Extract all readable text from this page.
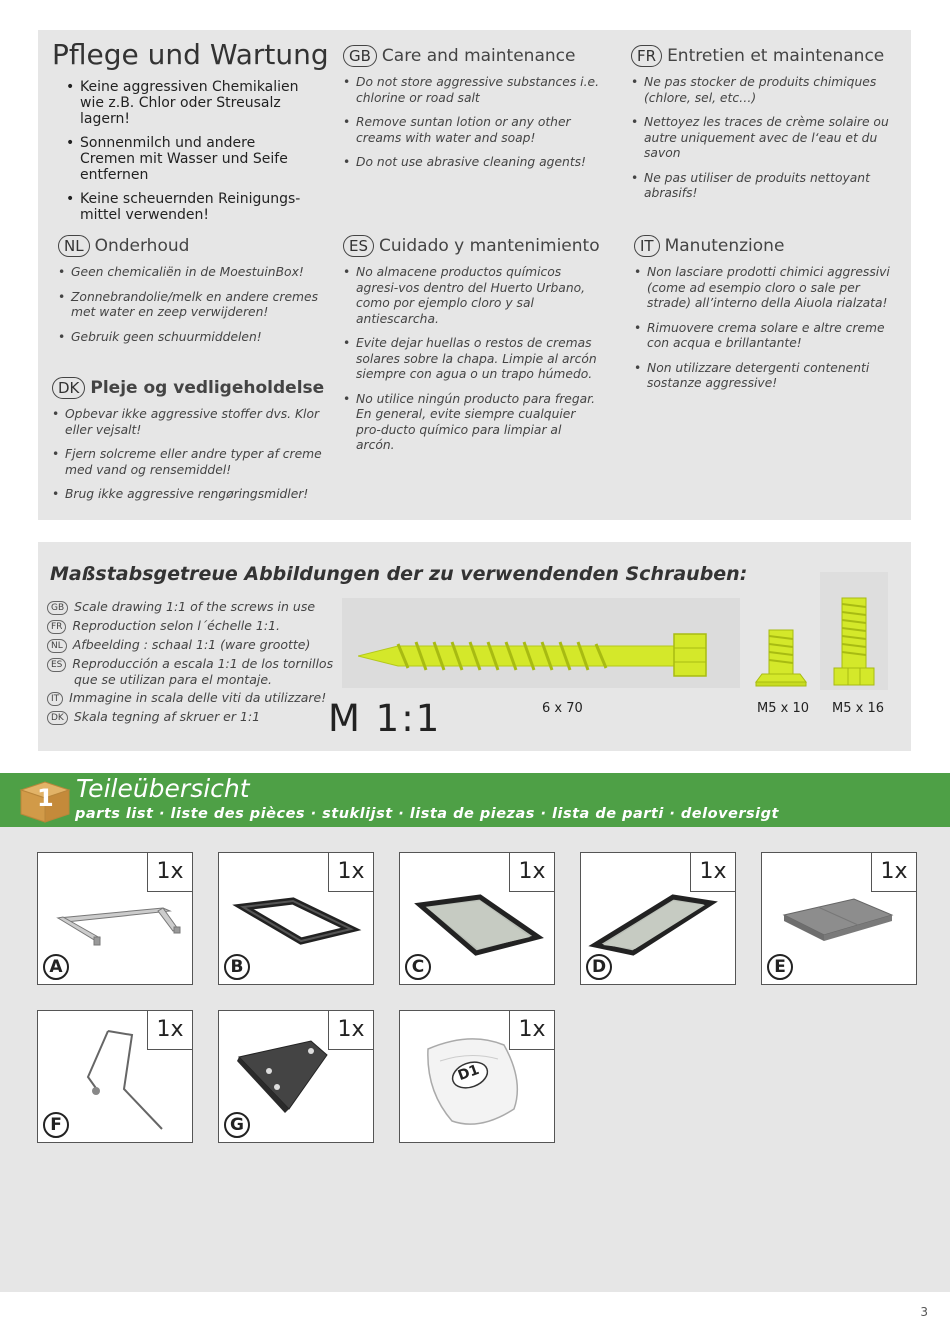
Pflege und Wartung
• Keine aggressiven Chemikalien wie z.B. Chlor oder Streusalz lagern!
• Sonnenmilch und andere Cremen mit Wasser und Seife entfernen
• Keine scheuernden Reinigungs-mittel verwenden!
GB Care and maintenance
• Do not store aggressive substances i.e. chlorine or road salt
• Remove suntan lotion or any other creams with water and soap!
• Do not use abrasive cleaning agents!
FR Entretien et maintenance
• Ne pas stocker de produits chimiques (chlore, sel, etc…)
• Nettoyez les traces de crème solaire ou autre uniquement avec de l‘eau et du savon
• Ne pas utiliser de produits nettoyant abrasifs!
NL Onderhoud
• Geen chemicaliën in de MoestuinBox!
• Zonnebrandolie/melk en andere cremes met water en zeep verwijderen!
• Gebruik geen schuurmiddelen!
ES Cuidado y mantenimiento
• No almacene productos químicos agresi-vos dentro del Huerto Urbano, como por ejemplo cloro y sal antiescarcha.
• Evite dejar huellas o restos de cremas solares sobre la chapa. Limpie al arcón siempre con agua o un trapo húmedo.
• No utilice ningún producto para fregar. En general, evite siempre cualquier pro-ducto químico para limpiar al arcón.
IT Manutenzione
• Non lasciare prodotti chimici aggressivi (come ad esempio cloro o sale per strade) all’interno della Aiuola rialzata!
• Rimuovere crema solare e altre creme con acqua e brillantante!
• Non utilizzare detergenti contenenti sostanze aggressive!
DK Pleje og vedligeholdelse
• Opbevar ikke aggressive stoffer dvs. Klor eller vejsalt!
• Fjern solcreme eller andre typer af creme med vand og rensemiddel!
• Brug ikke aggressive rengøringsmidler!
Maßstabsgetreue Abbildungen der zu verwendenden Schrauben:
GB Scale drawing 1:1 of the screws in use
FR Reproduction selon l´échelle 1:1.
NL Afbeelding : schaal 1:1 (ware grootte)
ES Reproducción a escala 1:1 de los tornillos
que se utilizan para el montaje.
IT Immagine in scala delle viti da utilizzare!
DK Skala tegning af skruer er 1:1 M 1:1	6 x 70	M5 x 10 M5 x 16
1 Teileübersicht
parts list · liste des pièces · stuklijst · lista de piezas · lista de parti · deloversigt
1x
A
1x
B
1x
C
1x
D
1x
E
1x
F
1x
G
D1
1x
3
